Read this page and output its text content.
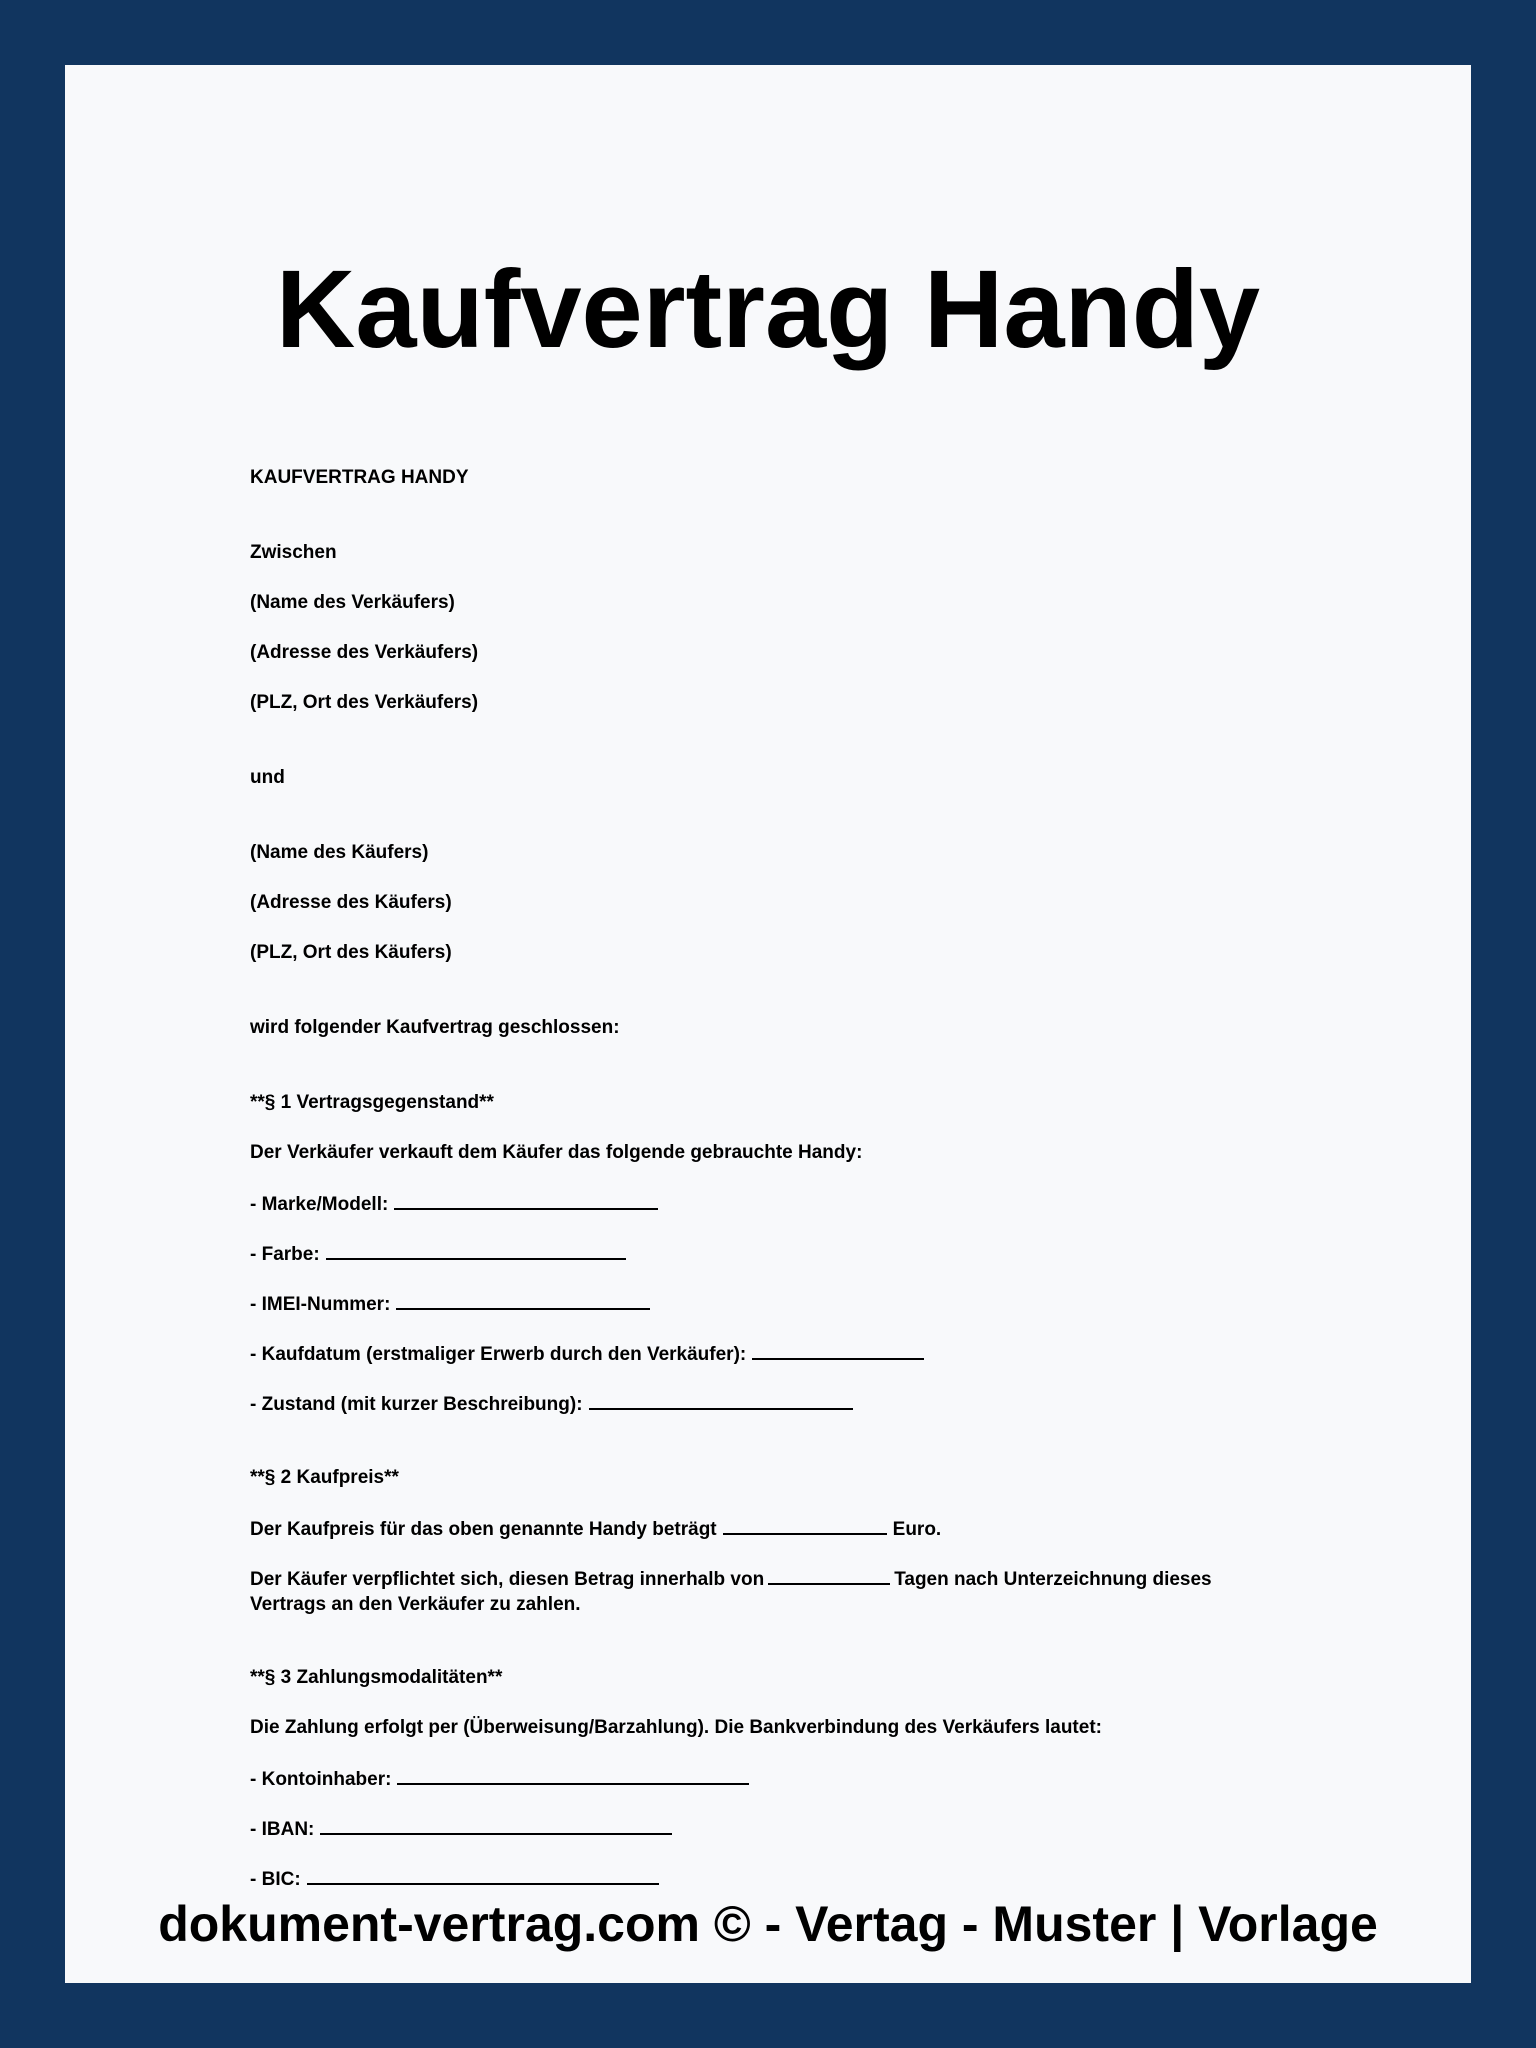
Kaufvertrag Handy
KAUFVERTRAG HANDY
Zwischen
(Name des Verkäufers)
(Adresse des Verkäufers)
(PLZ, Ort des Verkäufers)
und
(Name des Käufers)
(Adresse des Käufers)
(PLZ, Ort des Käufers)
wird folgender Kaufvertrag geschlossen:
**§ 1 Vertragsgegenstand**
Der Verkäufer verkauft dem Käufer das folgende gebrauchte Handy:
- Marke/Modell:
- Farbe:
- IMEI-Nummer:
- Kaufdatum (erstmaliger Erwerb durch den Verkäufer):
- Zustand (mit kurzer Beschreibung):
**§ 2 Kaufpreis**
Der Kaufpreis für das oben genannte Handy beträgt	Euro.
Der Käufer verpflichtet sich, diesen Betrag innerhalb von	Tagen nach Unterzeichnung dieses Vertrags an den Verkäufer zu zahlen.
**§ 3 Zahlungsmodalitäten**
Die Zahlung erfolgt per (Überweisung/Barzahlung). Die Bankverbindung des Verkäufers lautet:
- Kontoinhaber:
- IBAN:
- BIC:
dokument-vertrag.com © - Vertag - Muster | Vorlage
